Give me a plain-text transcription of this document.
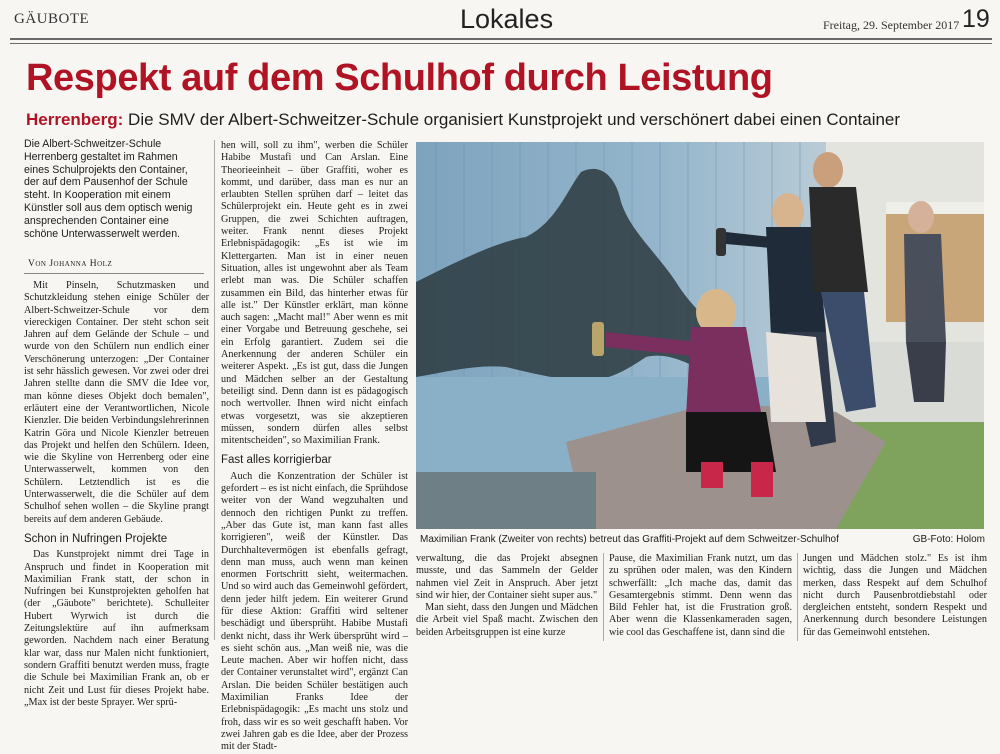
GÄUBOTE	Lokales	Freitag, 29. September 2017 19
Respekt auf dem Schulhof durch Leistung
Herrenberg: Die SMV der Albert-Schweitzer-Schule organisiert Kunstprojekt und verschönert dabei einen Container
Die Albert-Schweitzer-Schule Herrenberg gestaltet im Rahmen eines Schulprojekts den Container, der auf dem Pausenhof der Schule steht. In Kooperation mit einem Künstler soll aus dem optisch wenig ansprechenden Container eine schöne Unterwasserwelt werden.
Von Johanna Holz

Mit Pinseln, Schutzmasken und Schutzkleidung stehen einige Schüler der Albert-Schweitzer-Schule vor dem viereckigen Container. Der steht schon seit Jahren auf dem Gelände der Schule – und wurde von den Schülern nun endlich einer Verschönerung unterzogen: „Der Container ist sehr hässlich gewesen. Vor zwei oder drei Jahren stellte dann die SMV die Idee vor, man könne dieses Objekt doch bemalen", erläutert eine der Verantwortlichen, Nicole Kienzler. Die beiden Verbindungslehrerinnen Katrin Göra und Nicole Kienzler betreuen das Projekt und helfen den Schülern. Ideen, wie die Skyline von Herrenberg oder eine Unterwasserwelt, kommen von den Schülern. Letztendlich ist es die Unterwasserwelt, die die Schüler auf dem Schulhof sehen wollen – die Skyline prangt bereits auf dem anderen Gebäude.

Schon in Nufringen Projekte

Das Kunstprojekt nimmt drei Tage in Anspruch und findet in Kooperation mit Maximilian Frank statt, der schon in Nufringen bei Kunstprojekten geholfen hat (der „Gäubote" berichtete). Schulleiter Hubert Wyrwich ist durch die Zeitungslektüre auf ihn aufmerksam geworden. Nachdem nach einer Beratung klar war, dass nur Malen nicht funktioniert, sondern Graffiti benutzt werden muss, fragte die Schule bei Maximilian Frank an, ob er nicht Zeit und Lust für dieses Projekt habe. „Max ist der beste Sprayer. Wer sprü-

hen will, soll zu ihm", werben die Schüler Habibe Mustafi und Can Arslan. Eine Theorieeinheit – über Graffiti, woher es kommt, und darüber, dass man es nur an erlaubten Stellen sprühen darf – leitet das Schülerprojekt ein. Heute geht es in zwei Gruppen, die zwei Schichten auftragen, weiter. Frank nennt dieses Projekt Erlebnispädagogik: „Es ist wie im Klettergarten. Man ist in einer neuen Situation, alles ist ungewohnt aber als Team erlebt man was. Die Schüler schaffen zusammen ein Bild, das hinterher etwas für alle ist." Der Künstler erklärt, man könne auch sagen: „Macht mal!" Aber wenn es mit einer Vorgabe und Betreuung geschehe, sei ein Erfolg garantiert. Zudem sei die Anerkennung der anderen Schüler ein weiterer Aspekt. „Es ist gut, dass die Jungen und Mädchen selber an der Gestaltung beteiligt sind. Denn dann ist es pädagogisch noch wertvoller. Ihnen wird nicht einfach etwas vorgesetzt, was sie akzeptieren müssen, sondern dürfen alles selbst mitentscheiden", so Maximilian Frank.

Fast alles korrigierbar

Auch die Konzentration der Schüler ist gefordert – es ist nicht einfach, die Sprühdose weiter von der Wand wegzuhalten und dennoch den richtigen Punkt zu treffen. „Aber das Gute ist, man kann fast alles korrigieren", weiß der Künstler. Das Durchhaltevermögen ist ebenfalls gefragt, denn man muss, auch wenn man keinen enormen Fortschritt sieht, weitermachen. Und so wird auch das Gemeinwohl gefördert, denn jeder hilft jedem. Ein weiterer Grund für diese Aktion: Graffiti wird seltener beschädigt und übersprüht. Habibe Mustafi denkt nicht, dass ihr Werk übersprüht wird – es sieht schön aus. „Man weiß nie, was die Leute machen. Aber wir hoffen nicht, dass der Container verunstaltet wird", ergänzt Can Arslan. Die beiden Schüler bestätigen auch Maximilian Franks Idee der Erlebnispädagogik: „Es macht uns stolz und froh, dass wir es so weit geschafft haben. Vor zwei Jahren gab es die Idee, aber der Prozess mit der Stadt-

Maximilian Frank (Zweiter von rechts) betreut das Graffiti-Projekt auf dem Schweitzer-Schulhof	GB-Foto: Holom

verwaltung, die das Projekt absegnen musste, und das Sammeln der Gelder nahmen viel Zeit in Anspruch. Aber jetzt sind wir hier, der Container sieht super aus."

Man sieht, dass den Jungen und Mädchen die Arbeit viel Spaß macht. Zwischen den beiden Arbeitsgruppen ist eine kurze

Pause, die Maximilian Frank nutzt, um das zu sprühen oder malen, was den Kindern schwerfällt: „Ich mache das, damit das Gesamtergebnis stimmt. Denn wenn das Bild Fehler hat, ist die Frustration groß. Aber wenn die Klassenkameraden sagen, wie cool das Geschaffene ist, dann sind die

Jungen und Mädchen stolz." Es ist ihm wichtig, dass die Jungen und Mädchen merken, dass Respekt auf dem Schulhof nicht durch Pausenbrotdiebstahl oder dergleichen entsteht, sondern Respekt und Anerkennung durch besondere Leistungen für das Gemeinwohl entstehen.
